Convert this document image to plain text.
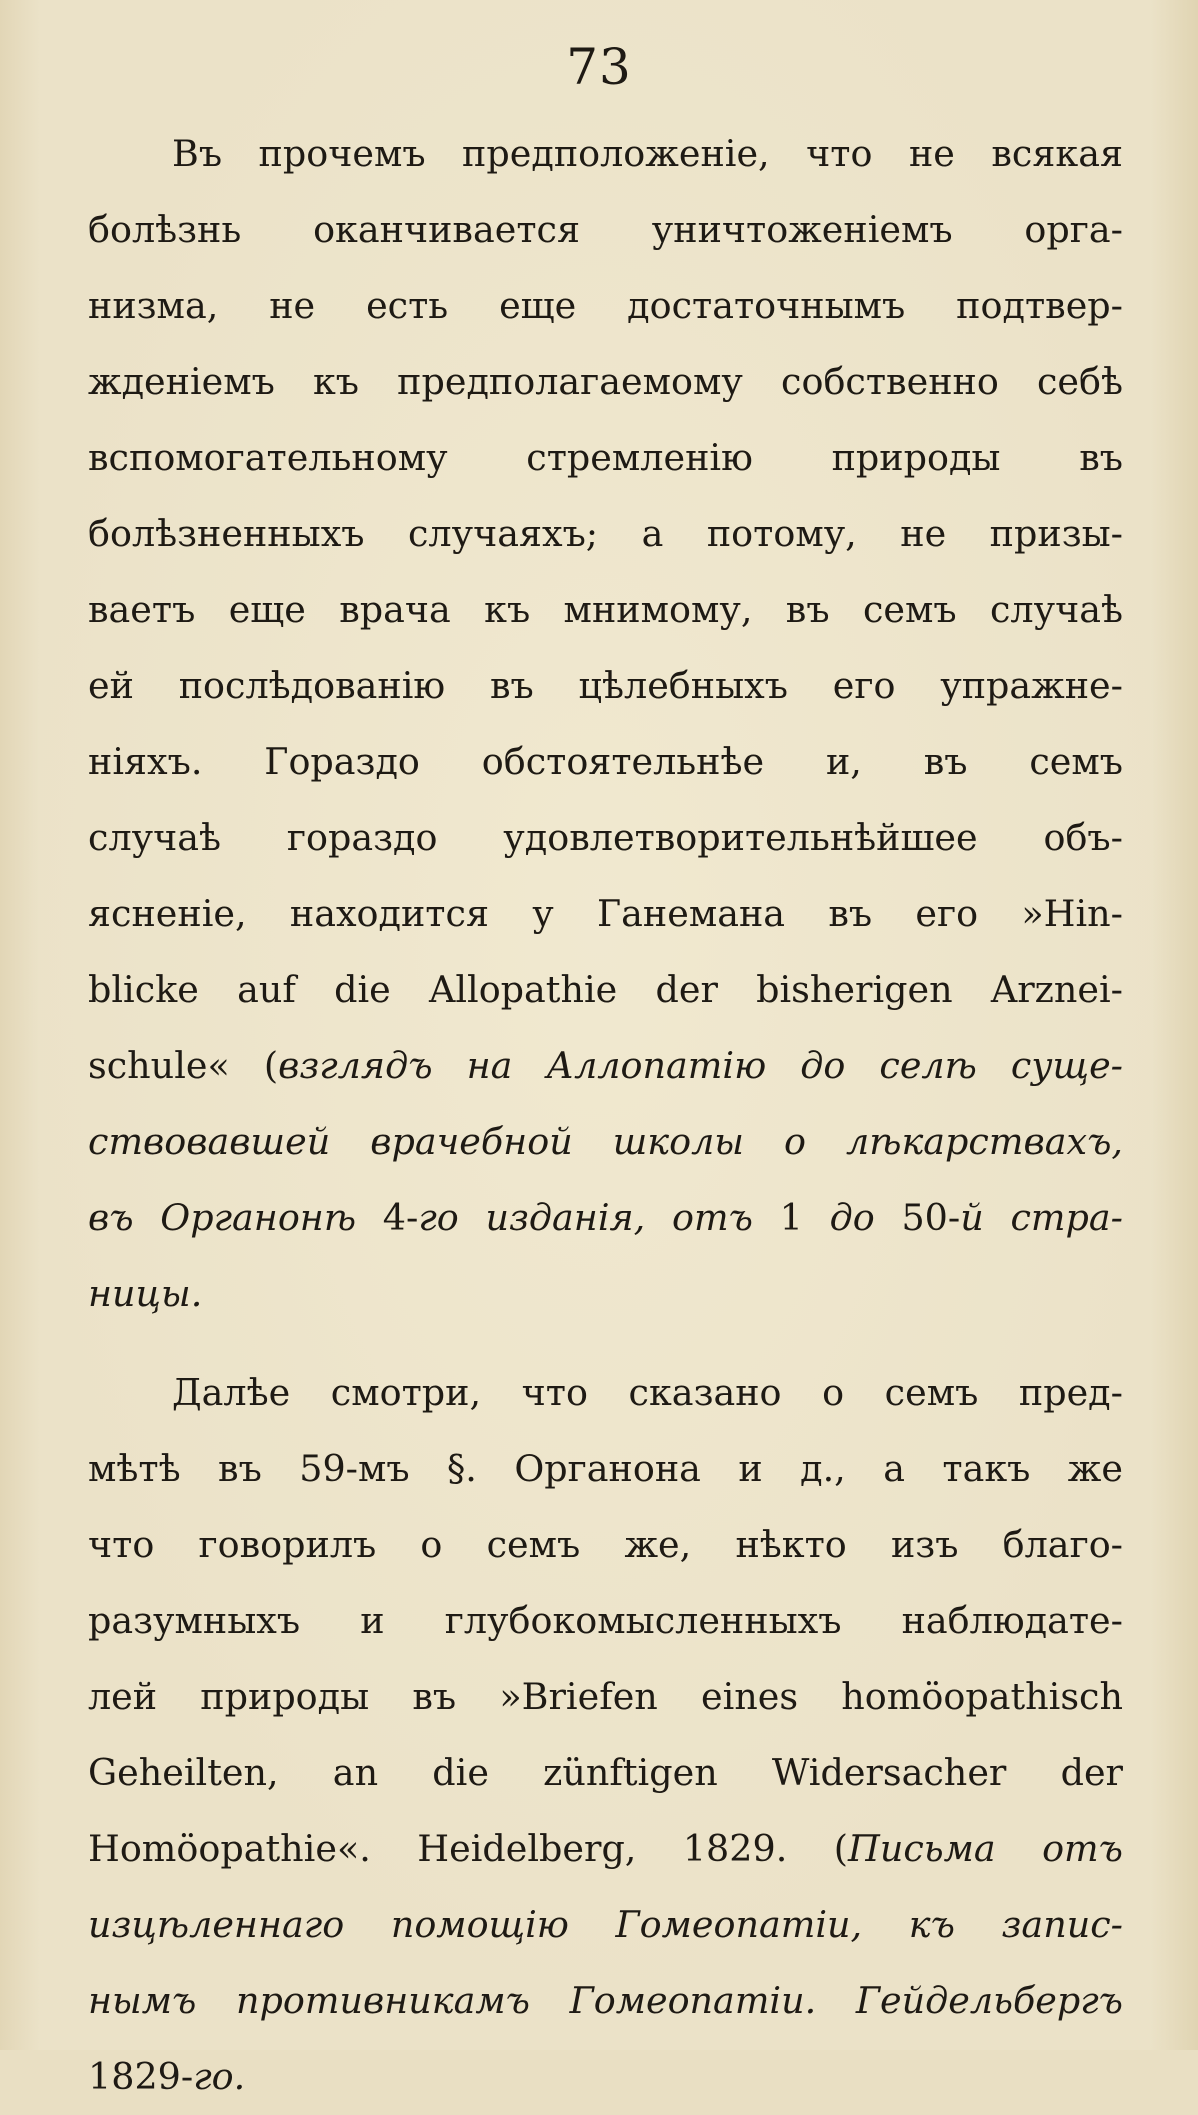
73
Въ прочемъ предположенiе, что не всякая
болѣзнь оканчивается уничтоженiемъ орга-
низма, не есть еще достаточнымъ подтвер-
жденiемъ къ предполагаемому собственно себѣ
вспомогательному стремленiю природы въ
болѣзненныхъ случаяхъ; а потому, не призы-
ваетъ еще врача къ мнимому, въ семъ случаѣ
ей послѣдованiю въ цѣлебныхъ его упражне-
нiяхъ. Гораздо обстоятельнѣе и, въ семъ
случаѣ гораздо удовлетворительнѣйшее объ-
ясненiе, находится у Ганемана въ его »Hin-
blicke auf die Allopathie der bisherigen Arznei-
schule« (взглядъ на Аллопатiю до селѣ суще-
ствовавшей врачебной школы о лѣкарствахъ,
въ Органонѣ 4-го изданiя, отъ 1 до 50-й стра-
ницы.
Далѣе смотри, что сказано о семъ пред-
мѣтѣ въ 59-мъ §. Органона и д., а такъ же
что говорилъ о семъ же, нѣкто изъ благо-
разумныхъ и глубокомысленныхъ наблюдате-
лей природы въ »Briefen eines homöopathisch
Geheilten, an die zünftigen Widersacher der
Homöopathie«. Heidelberg, 1829. (Письма отъ
изцѣленнаго помощiю Гомеопатiи, къ запис-
нымъ противникамъ Гомеопатiи. Гейдельбергъ
1829-го.
